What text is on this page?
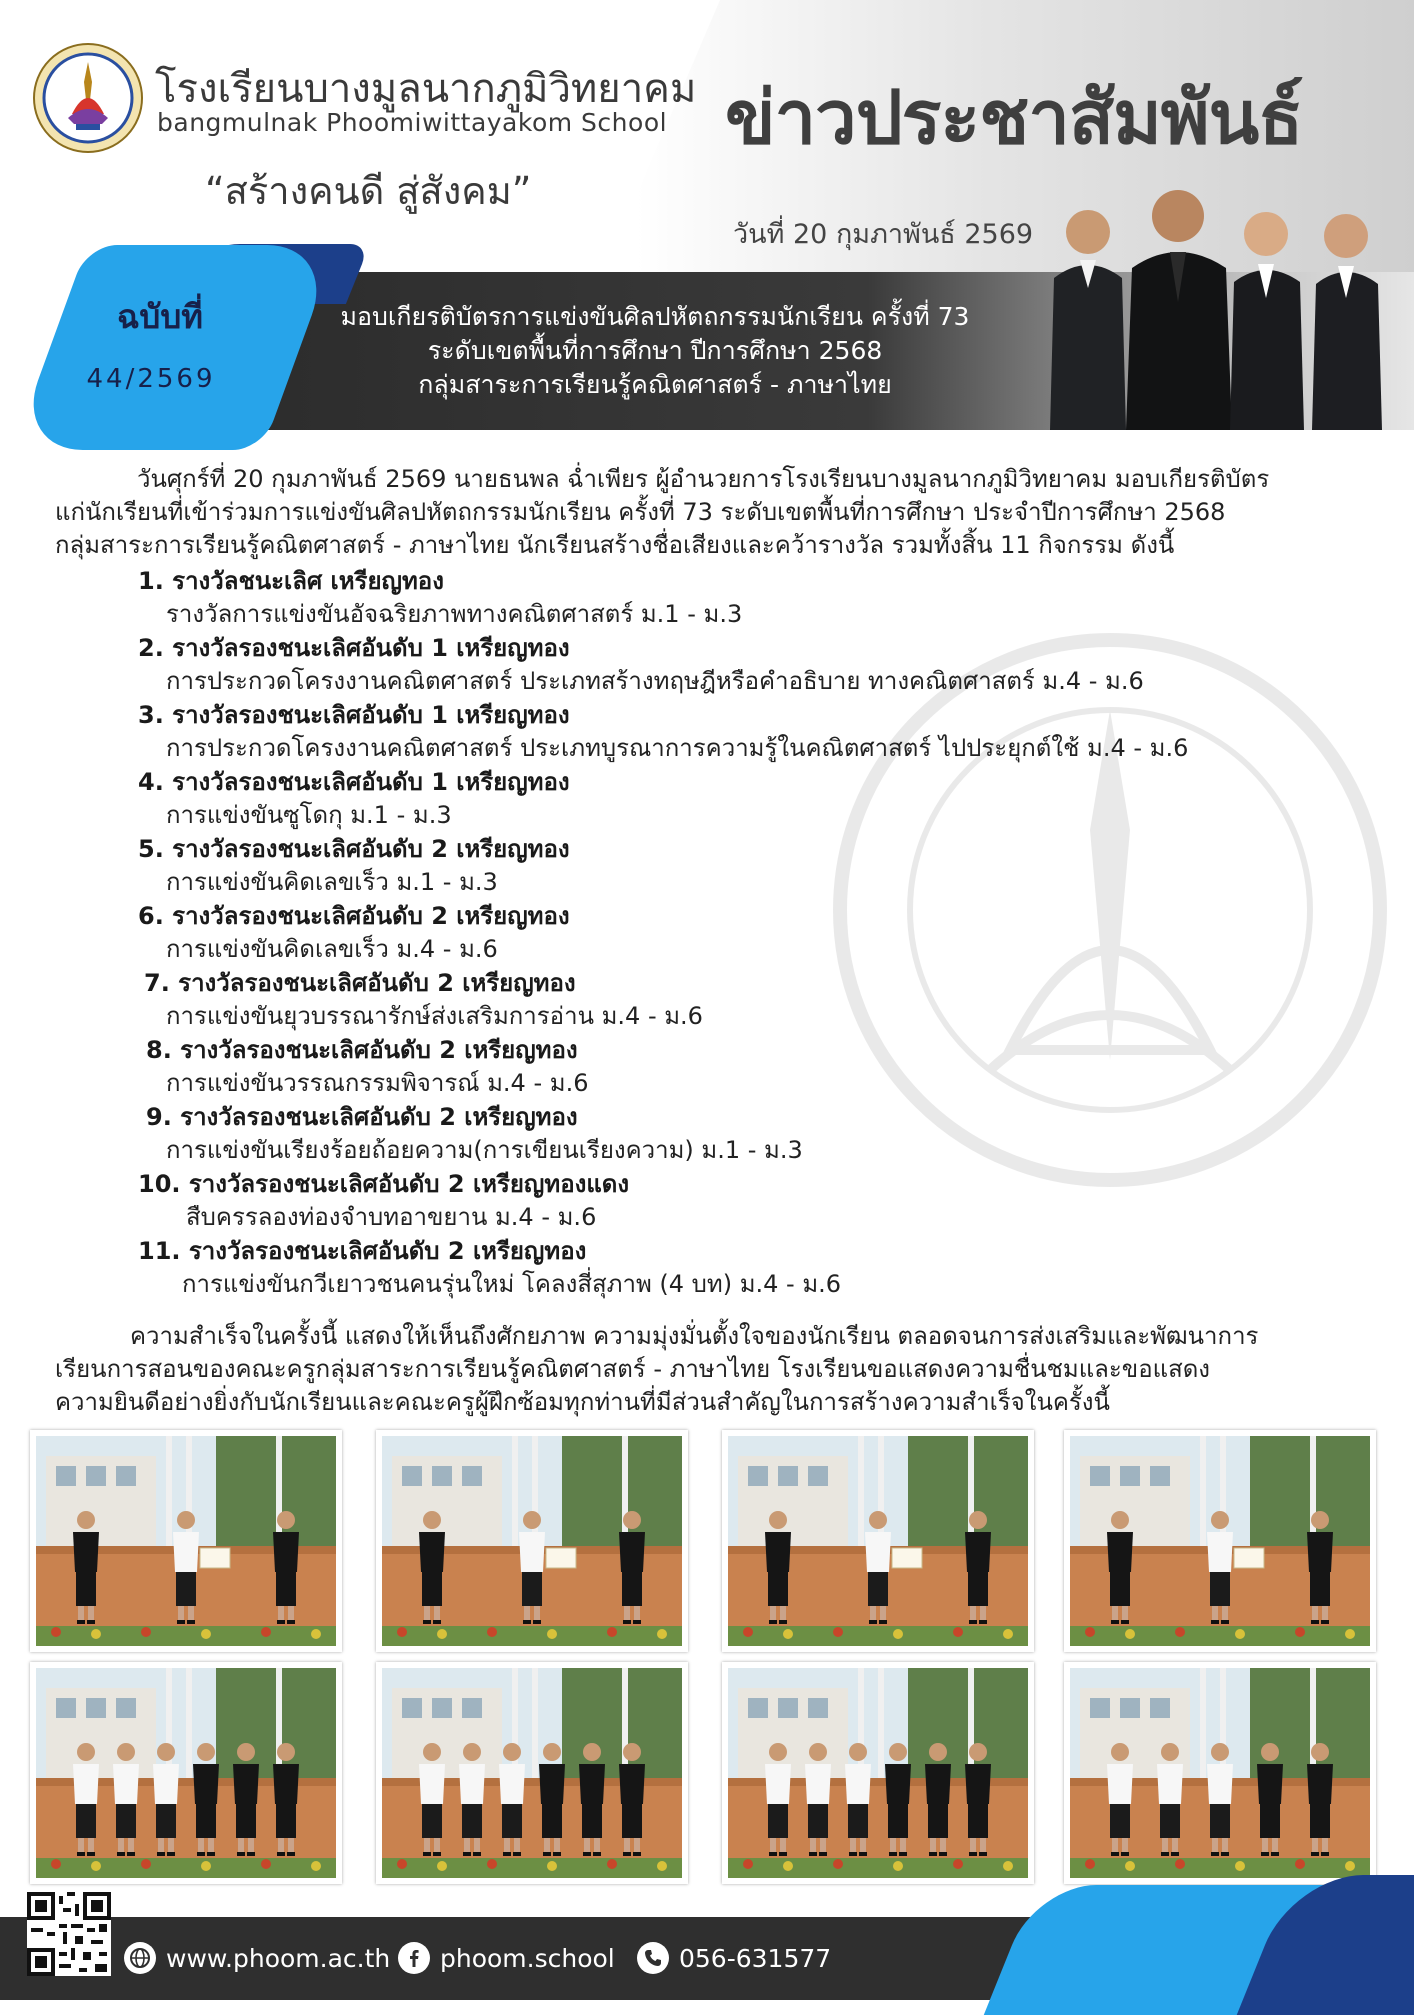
โรงเรียนบางมูลนากภูมิวิทยาคม
bangmulnak Phoomiwittayakom School
“สร้างคนดี สู่สังคม”
ข่าวประชาสัมพันธ์
วันที่ 20 กุมภาพันธ์ 2569
ฉบับที่
44/2569
มอบเกียรติบัตรการแข่งขันศิลปหัตถกรรมนักเรียน ครั้งที่ 73
ระดับเขตพื้นที่การศึกษา ปีการศึกษา 2568
กลุ่มสาระการเรียนรู้คณิตศาสตร์ - ภาษาไทย
วันศุกร์ที่ 20 กุมภาพันธ์ 2569 นายธนพล ฉ่ำเพียร ผู้อำนวยการโรงเรียนบางมูลนากภูมิวิทยาคม มอบเกียรติบัตร
แก่นักเรียนที่เข้าร่วมการแข่งขันศิลปหัตถกรรมนักเรียน ครั้งที่ 73 ระดับเขตพื้นที่การศึกษา ประจำปีการศึกษา 2568
กลุ่มสาระการเรียนรู้คณิตศาสตร์ - ภาษาไทย นักเรียนสร้างชื่อเสียงและคว้ารางวัล รวมทั้งสิ้น 11 กิจกรรม ดังนี้
1. รางวัลชนะเลิศ เหรียญทอง
รางวัลการแข่งขันอัจฉริยภาพทางคณิตศาสตร์ ม.1 - ม.3
2. รางวัลรองชนะเลิศอันดับ 1 เหรียญทอง
การประกวดโครงงานคณิตศาสตร์ ประเภทสร้างทฤษฎีหรือคำอธิบาย ทางคณิตศาสตร์ ม.4 - ม.6
3. รางวัลรองชนะเลิศอันดับ 1 เหรียญทอง
การประกวดโครงงานคณิตศาสตร์ ประเภทบูรณาการความรู้ในคณิตศาสตร์ ไปประยุกต์ใช้ ม.4 - ม.6
4. รางวัลรองชนะเลิศอันดับ 1 เหรียญทอง
การแข่งขันซูโดกุ ม.1 - ม.3
5. รางวัลรองชนะเลิศอันดับ 2 เหรียญทอง
การแข่งขันคิดเลขเร็ว ม.1 - ม.3
6. รางวัลรองชนะเลิศอันดับ 2 เหรียญทอง
การแข่งขันคิดเลขเร็ว ม.4 - ม.6
7. รางวัลรองชนะเลิศอันดับ 2 เหรียญทอง
การแข่งขันยุวบรรณารักษ์ส่งเสริมการอ่าน ม.4 - ม.6
8. รางวัลรองชนะเลิศอันดับ 2 เหรียญทอง
การแข่งขันวรรณกรรมพิจารณ์ ม.4 - ม.6
9. รางวัลรองชนะเลิศอันดับ 2 เหรียญทอง
การแข่งขันเรียงร้อยถ้อยความ(การเขียนเรียงความ) ม.1 - ม.3
10. รางวัลรองชนะเลิศอันดับ 2 เหรียญทองแดง
สืบครรลองท่องจำบทอาขยาน ม.4 - ม.6
11. รางวัลรองชนะเลิศอันดับ 2 เหรียญทอง
การแข่งขันกวีเยาวชนคนรุ่นใหม่ โคลงสี่สุภาพ (4 บท) ม.4 - ม.6
ความสำเร็จในครั้งนี้ แสดงให้เห็นถึงศักยภาพ ความมุ่งมั่นตั้งใจของนักเรียน ตลอดจนการส่งเสริมและพัฒนาการ
เรียนการสอนของคณะครูกลุ่มสาระการเรียนรู้คณิตศาสตร์ - ภาษาไทย โรงเรียนขอแสดงความชื่นชมและขอแสดง
ความยินดีอย่างยิ่งกับนักเรียนและคณะครูผู้ฝึกซ้อมทุกท่านที่มีส่วนสำคัญในการสร้างความสำเร็จในครั้งนี้
www.phoom.ac.th phoom.school	056-631577
